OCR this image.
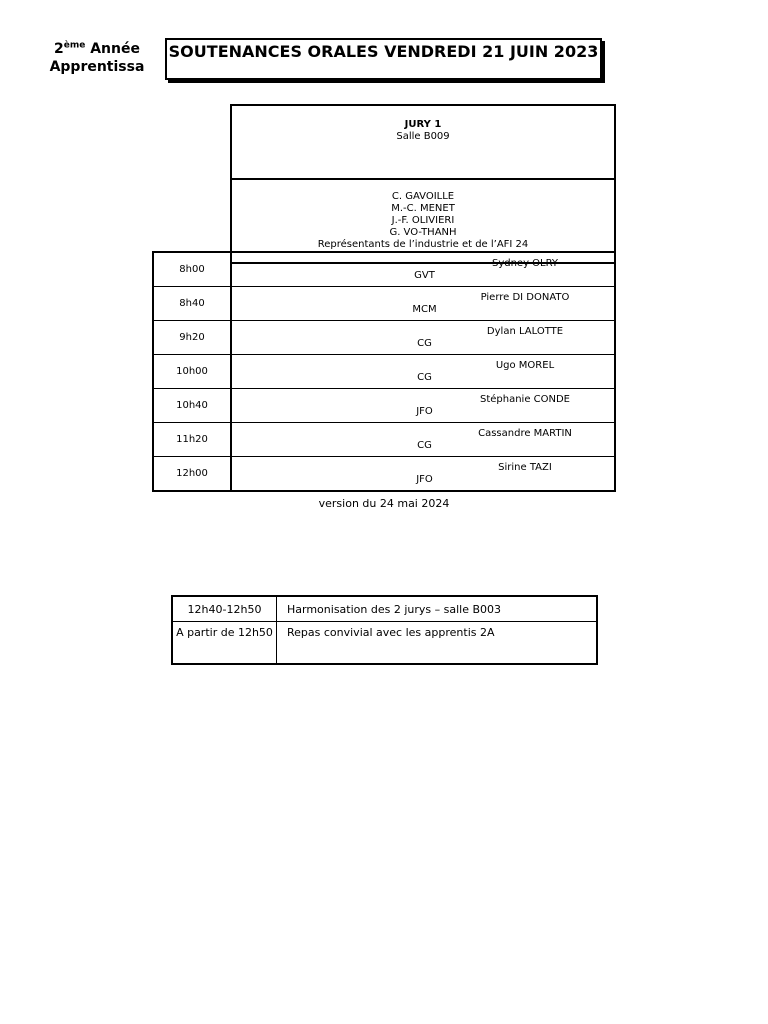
2ème Année
Apprentissa
SOUTENANCES ORALES VENDREDI 21 JUIN 2023
JURY 1
Salle B009
C. GAVOILLE
M.-C. MENET
J.-F. OLIVIERI
G. VO-THANH
Représentants de l’industrie et de l’AFI 24
8h00	Sydney OLRY
GVT

8h40	Pierre DI DONATO
MCM

9h20	Dylan LALOTTE
CG

10h00	Ugo MOREL
CG

10h40	Stéphanie CONDE
JFO

11h20	Cassandre MARTIN
CG

12h00	Sirine TAZI
JFO
version du 24 mai 2024
12h40-12h50	Harmonisation des 2 jurys – salle B003
A partir de 12h50	Repas convivial avec les apprentis 2A
